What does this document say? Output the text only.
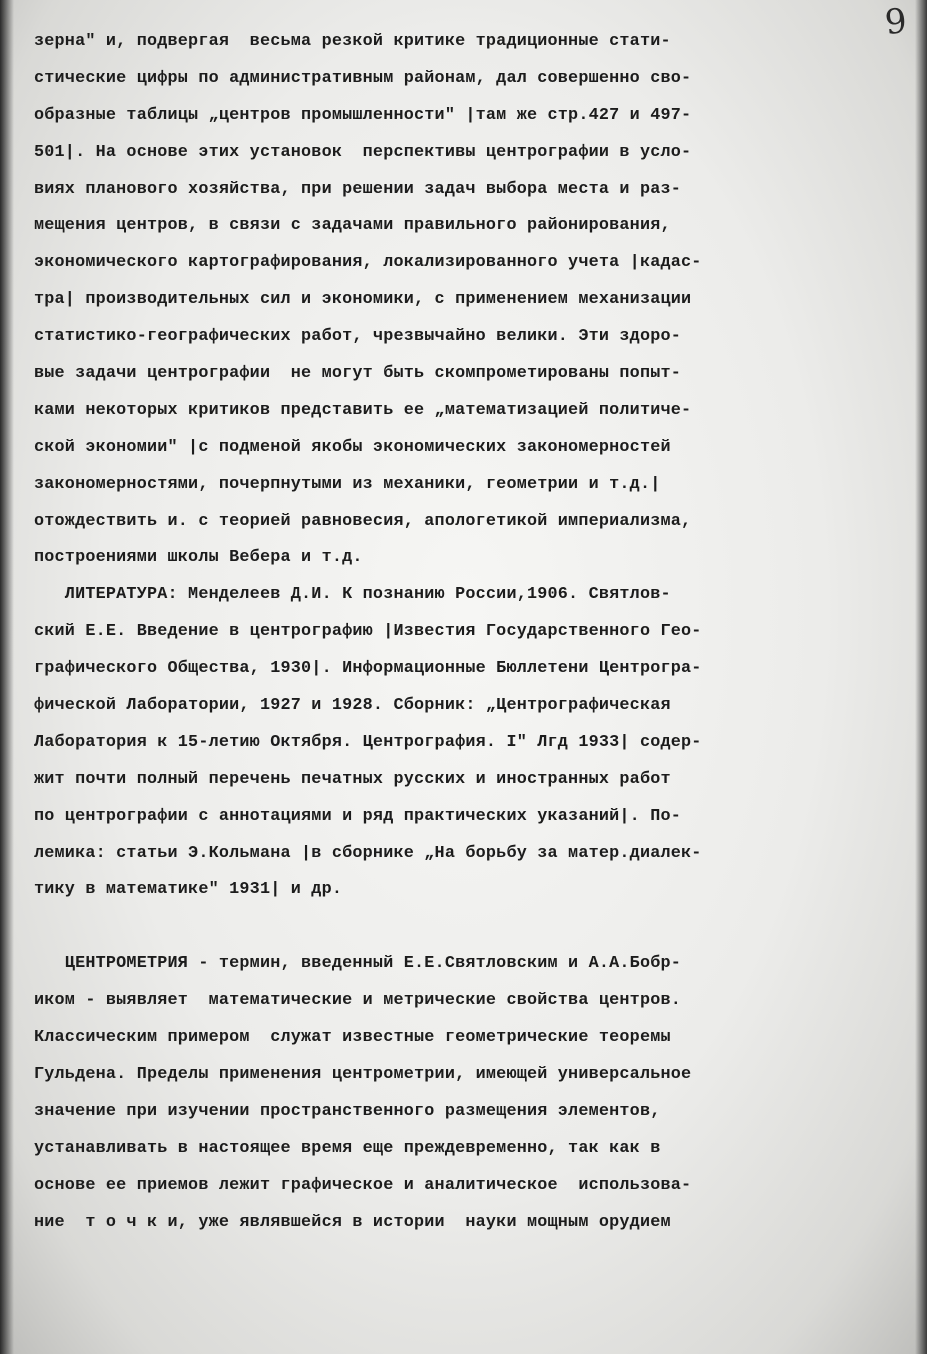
9
зерна" и, подвергая  весьма резкой критике традиционные стати-
стические цифры по административным районам, дал совершенно сво-
образные таблицы „центров промышленности" |там же стр.427 и 497-
501|. На основе этих установок  перспективы центрографии в усло-
виях планового хозяйства, при решении задач выбора места и раз-
мещения центров, в связи с задачами правильного районирования,
экономического картографирования, локализированного учета |кадас-
тра| производительных сил и экономики, с применением механизации
статистико-географических работ, чрезвычайно велики. Эти здоро-
вые задачи центрографии  не могут быть скомпрометированы попыт-
ками некоторых критиков представить ее „математизацией политиче-
ской экономии" |с подменой якобы экономических закономерностей
закономерностями, почерпнутыми из механики, геометрии и т.д.|
отождествить и. с теорией равновесия, апологетикой империализма,
построениями школы Вебера и т.д.
ЛИТЕРАТУРА: Менделеев Д.И. К познанию России,1906. Святлов-
ский Е.Е. Введение в центрографию |Известия Государственного Гео-
графического Общества, 1930|. Информационные Бюллетени Центрогра-
фической Лаборатории, 1927 и 1928. Сборник: „Центрографическая
Лаборатория к 15-летию Октября. Центрография. I" Лгд 1933| содер-
жит почти полный перечень печатных русских и иностранных работ
по центрографии с аннотациями и ряд практических указаний|. По-
лемика: статьи Э.Кольмана |в сборнике „На борьбу за матер.диалек-
тику в математике" 1931| и др.
ЦЕНТРОМЕТРИЯ - термин, введенный Е.Е.Святловским и А.А.Бобр-
иком - выявляет  математические и метрические свойства центров.
Классическим примером  служат известные геометрические теоремы
Гульдена. Пределы применения центрометрии, имеющей универсальное
значение при изучении пространственного размещения элементов,
устанавливать в настоящее время еще преждевременно, так как в
основе ее приемов лежит графическое и аналитическое  использова-
ние  т о ч к и, уже являвшейся в истории  науки мощным орудием
